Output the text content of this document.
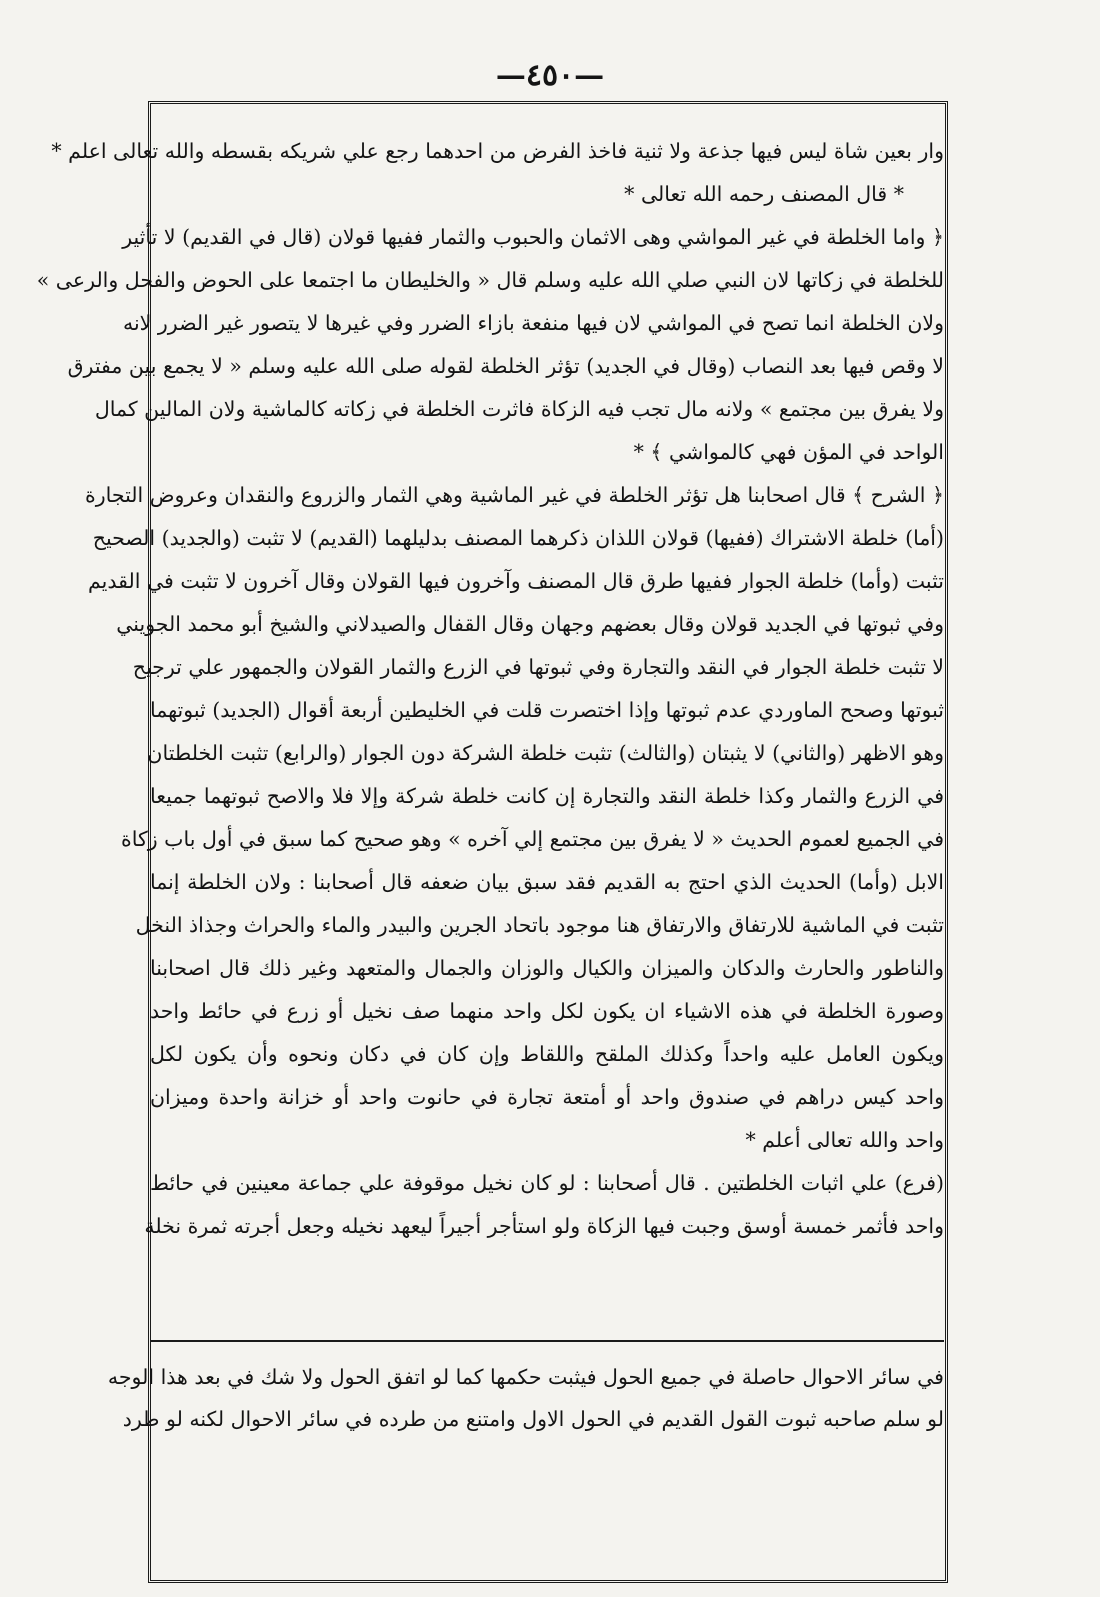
—٤٥٠—
وار بعين شاة ليس فيها جذعة ولا ثنية فاخذ الفرض من احدهما رجع علي شريكه بقسطه والله تعالى اعلم *
* قال المصنف رحمه الله تعالى *
﴿ واما الخلطة في غير المواشي وهى الاثمان والحبوب والثمار ففيها قولان (قال في القديم) لا تأثير
للخلطة في زكاتها لان النبي صلي الله عليه وسلم قال « والخليطان ما اجتمعا على الحوض والفحل والرعى »
ولان الخلطة انما تصح في المواشي لان فيها منفعة بازاء الضرر وفي غيرها لا يتصور غير الضرر لانه
لا وقص فيها بعد النصاب (وقال في الجديد) تؤثر الخلطة لقوله صلى الله عليه وسلم « لا يجمع بين مفترق
ولا يفرق بين مجتمع » ولانه مال تجب فيه الزكاة فاثرت الخلطة في زكاته كالماشية ولان المالين كمال
الواحد في المؤن فهي كالمواشي ﴾ *
﴿ الشرح ﴾ قال اصحابنا هل تؤثر الخلطة في غير الماشية وهي الثمار والزروع والنقدان وعروض التجارة
(أما) خلطة الاشتراك (ففيها) قولان اللذان ذكرهما المصنف بدليلهما (القديم) لا تثبت (والجديد) الصحيح
تثبت (وأما) خلطة الجوار ففيها طرق قال المصنف وآخرون فيها القولان وقال آخرون لا تثبت في القديم
وفي ثبوتها في الجديد قولان وقال بعضهم وجهان وقال القفال والصيدلاني والشيخ أبو محمد الجويني
لا تثبت خلطة الجوار في النقد والتجارة وفي ثبوتها في الزرع والثمار القولان والجمهور علي ترجيح
ثبوتها وصحح الماوردي عدم ثبوتها وإذا اختصرت قلت في الخليطين أربعة أقوال (الجديد) ثبوتهما
وهو الاظهر (والثاني) لا يثبتان (والثالث) تثبت خلطة الشركة دون الجوار (والرابع) تثبت الخلطتان
في الزرع والثمار وكذا خلطة النقد والتجارة إن كانت خلطة شركة وإلا فلا والاصح ثبوتهما جميعا
في الجميع لعموم الحديث « لا يفرق بين مجتمع إلي آخره » وهو صحيح كما سبق في أول باب زكاة
الابل (وأما) الحديث الذي احتج به القديم فقد سبق بيان ضعفه قال أصحابنا : ولان الخلطة إنما
تثبت في الماشية للارتفاق والارتفاق هنا موجود باتحاد الجرين والبيدر والماء والحراث وجذاذ النخل
والناطور والحارث والدكان والميزان والكيال والوزان والجمال والمتعهد وغير ذلك قال اصحابنا
وصورة الخلطة في هذه الاشياء ان يكون لكل واحد منهما صف نخيل أو زرع في حائط واحد
ويكون العامل عليه واحداً وكذلك الملقح واللقاط وإن كان في دكان ونحوه وأن يكون لكل
واحد كيس دراهم في صندوق واحد أو أمتعة تجارة في حانوت واحد أو خزانة واحدة وميزان
واحد والله تعالى أعلم *
(فرع) علي اثبات الخلطتين . قال أصحابنا : لو كان نخيل موقوفة علي جماعة معينين في حائط
واحد فأثمر خمسة أوسق وجبت فيها الزكاة ولو استأجر أجيراً ليعهد نخيله وجعل أجرته ثمرة نخلة
في سائر الاحوال حاصلة في جميع الحول فيثبت حكمها كما لو اتفق الحول ولا شك في بعد هذا الوجه
لو سلم صاحبه ثبوت القول القديم في الحول الاول وامتنع من طرده في سائر الاحوال لكنه لو طرد
